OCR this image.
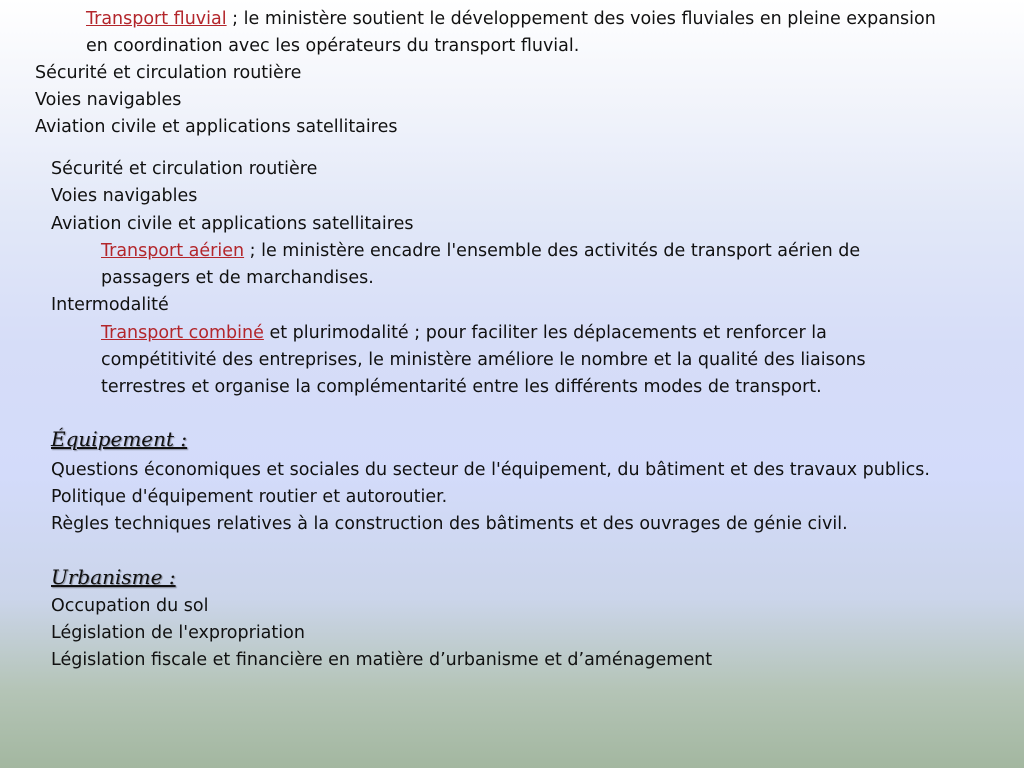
Transport fluvial ; le ministère soutient le développement des voies fluviales en pleine expansion
en coordination avec les opérateurs du transport fluvial.
Sécurité et circulation routière
Voies navigables
Aviation civile et applications satellitaires
Sécurité et circulation routière
Voies navigables
Aviation civile et applications satellitaires
Transport aérien ; le ministère encadre l'ensemble des activités de transport aérien de
passagers et de marchandises.
Intermodalité
Transport combiné et plurimodalité ; pour faciliter les déplacements et renforcer la
compétitivité des entreprises, le ministère améliore le nombre et la qualité des liaisons
terrestres et organise la complémentarité entre les différents modes de transport.
Équipement :
Questions économiques et sociales du secteur de l'équipement, du bâtiment et des travaux publics.
Politique d'équipement routier et autoroutier.
Règles techniques relatives à la construction des bâtiments et des ouvrages de génie civil.
Urbanisme :
Occupation du sol
Législation de l'expropriation
Législation fiscale et financière en matière d’urbanisme et d’aménagement
